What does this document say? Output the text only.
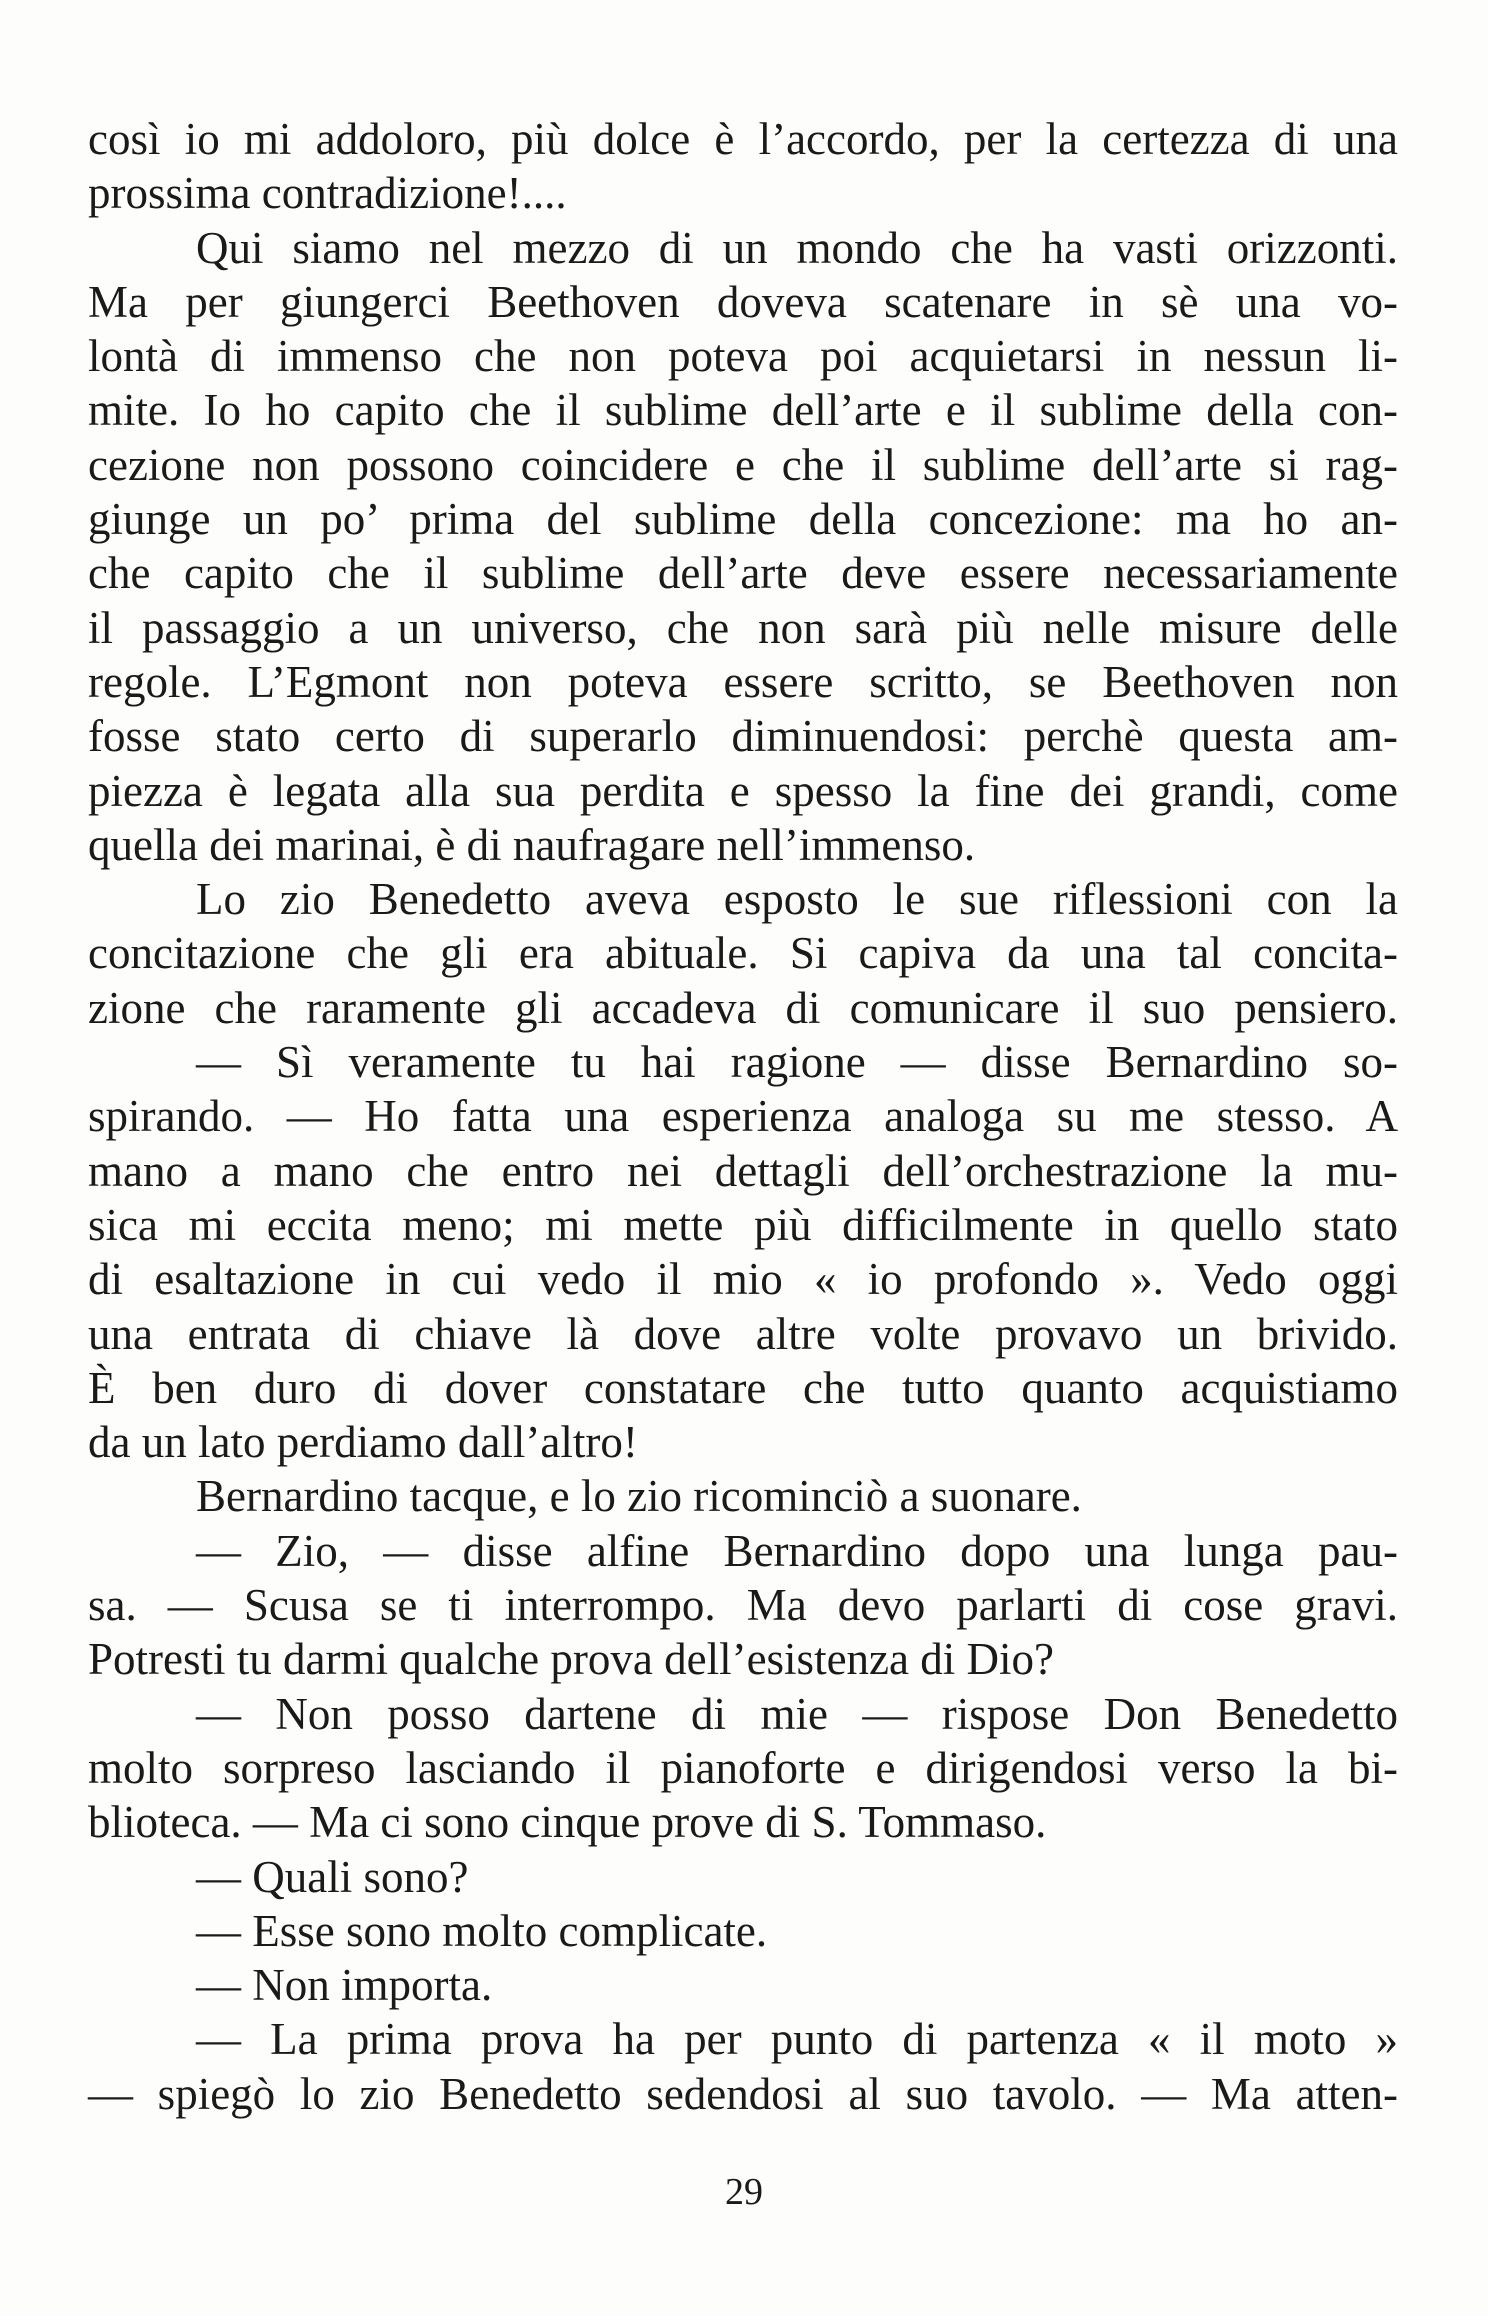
così io mi addoloro, più dolce è l’accordo, per la certezza di una
prossima contradizione!....
Qui siamo nel mezzo di un mondo che ha vasti orizzonti.
Ma per giungerci Beethoven doveva scatenare in sè una vo-
lontà di immenso che non poteva poi acquietarsi in nessun li-
mite. Io ho capito che il sublime dell’arte e il sublime della con-
cezione non possono coincidere e che il sublime dell’arte si rag-
giunge un po’ prima del sublime della concezione: ma ho an-
che capito che il sublime dell’arte deve essere necessariamente
il passaggio a un universo, che non sarà più nelle misure delle
regole. L’Egmont non poteva essere scritto, se Beethoven non
fosse stato certo di superarlo diminuendosi: perchè questa am-
piezza è legata alla sua perdita e spesso la fine dei grandi, come
quella dei marinai, è di naufragare nell’immenso.
Lo zio Benedetto aveva esposto le sue riflessioni con la
concitazione che gli era abituale. Si capiva da una tal concita-
zione che raramente gli accadeva di comunicare il suo pensiero.
— Sì veramente tu hai ragione — disse Bernardino so-
spirando. — Ho fatta una esperienza analoga su me stesso. A
mano a mano che entro nei dettagli dell’orchestrazione la mu-
sica mi eccita meno; mi mette più difficilmente in quello stato
di esaltazione in cui vedo il mio « io profondo ». Vedo oggi
una entrata di chiave là dove altre volte provavo un brivido.
È ben duro di dover constatare che tutto quanto acquistiamo
da un lato perdiamo dall’altro!
Bernardino tacque, e lo zio ricominciò a suonare.
— Zio, — disse alfine Bernardino dopo una lunga pau-
sa. — Scusa se ti interrompo. Ma devo parlarti di cose gravi.
Potresti tu darmi qualche prova dell’esistenza di Dio?
— Non posso dartene di mie — rispose Don Benedetto
molto sorpreso lasciando il pianoforte e dirigendosi verso la bi-
blioteca. — Ma ci sono cinque prove di S. Tommaso.
— Quali sono?
— Esse sono molto complicate.
— Non importa.
— La prima prova ha per punto di partenza « il moto »
— spiegò lo zio Benedetto sedendosi al suo tavolo. — Ma atten-
29
